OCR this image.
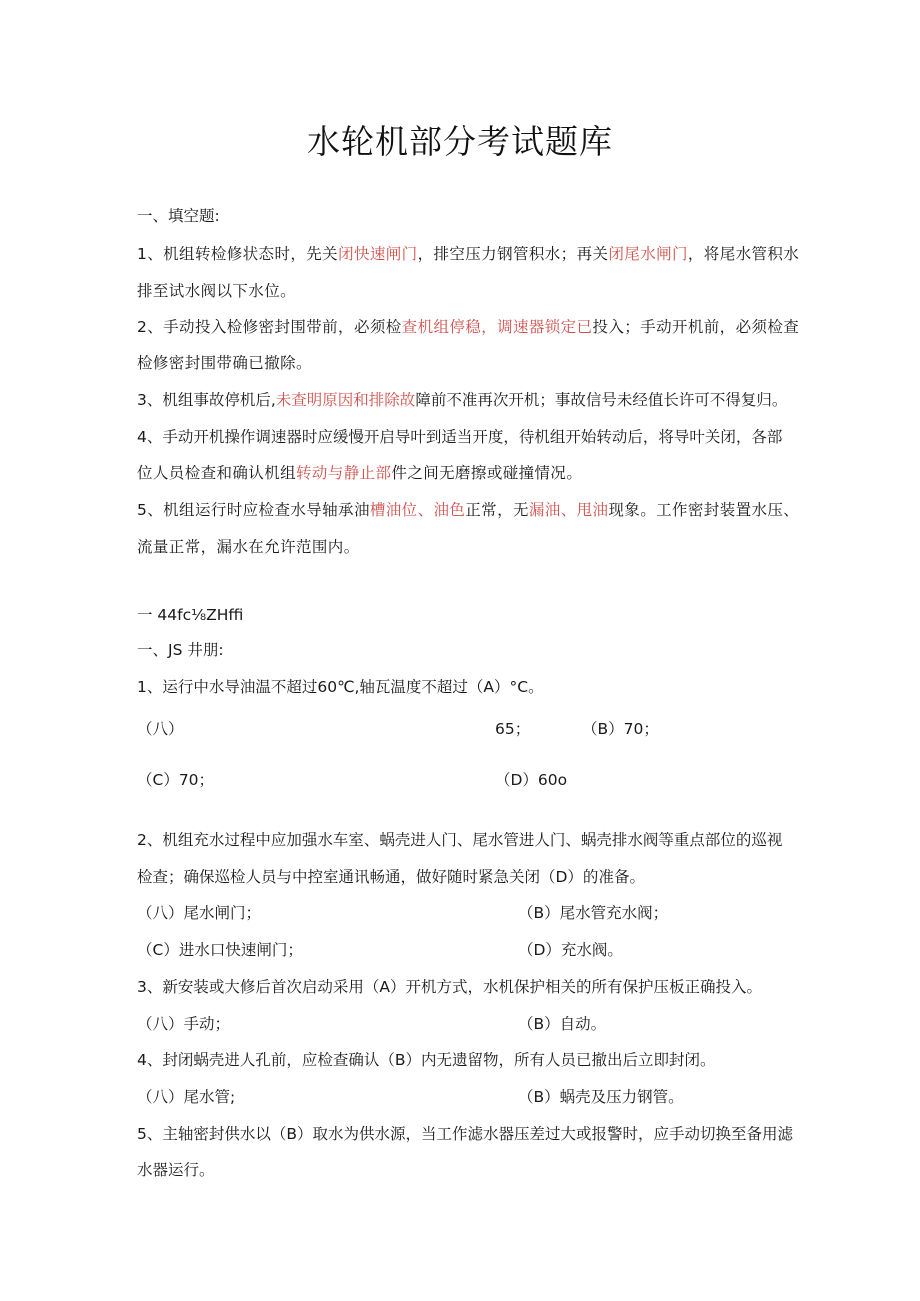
水轮机部分考试题库
一、填空题:
1、机组转检修状态时，先关闭快速闸门，排空压力钢管积水；再关闭尾水闸门，将尾水管积水
排至试水阀以下水位。
2、手动投入检修密封围带前，必须检查机组停稳，调速器锁定已投入；手动开机前，必须检查
检修密封围带确已撤除。
3、机组事故停机后,未查明原因和排除故障前不准再次开机；事故信号未经值长许可不得复归。
4、手动开机操作调速器时应缓慢开启导叶到适当开度，待机组开始转动后，将导叶关闭，各部
位人员检查和确认机组转动与静止部件之间无磨擦或碰撞情况。
5、机组运行时应检查水导轴承油槽油位、油色正常，无漏油、甩油现象。工作密封装置水压、
流量正常，漏水在允许范围内。
一 44fc⅛ZHffi
一、JS 井朋:
1、运行中水导油温不超过60℃,轴瓦温度不超过（A）°C。
（八）	65；	（B）70；
（C）70；	（D）60o
2、机组充水过程中应加强水车室、蜗壳进人门、尾水管进人门、蜗壳排水阀等重点部位的巡视
检查；确保巡检人员与中控室通讯畅通，做好随时紧急关闭（D）的准备。
（八）尾水闸门；	（B）尾水管充水阀；
（C）进水口快速闸门；	（D）充水阀。
3、新安装或大修后首次启动采用（A）开机方式，水机保护相关的所有保护压板正确投入。
（八）手动；	（B）自动。
4、封闭蜗壳进人孔前，应检查确认（B）内无遗留物，所有人员已撤出后立即封闭。
（八）尾水管;	（B）蜗壳及压力钢管。
5、主轴密封供水以（B）取水为供水源，当工作滤水器压差过大或报警时，应手动切换至备用滤
水器运行。
